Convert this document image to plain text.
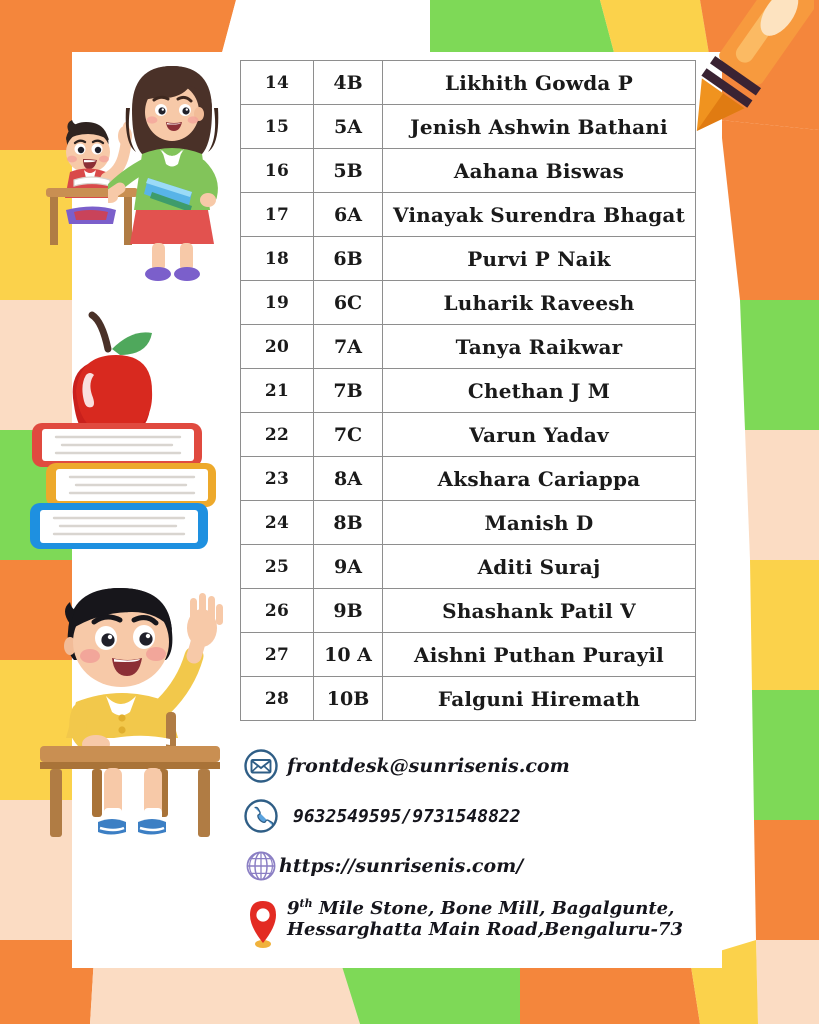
14	4B	Likhith Gowda P
15	5A	Jenish Ashwin Bathani
16	5B	Aahana Biswas
17	6A	Vinayak Surendra Bhagat
18	6B	Purvi P Naik
19	6C	Luharik Raveesh
20	7A	Tanya Raikwar
21	7B	Chethan J M
22	7C	Varun Yadav
23	8A	Akshara Cariappa
24	8B	Manish D
25	9A	Aditi Suraj
26	9B	Shashank Patil V
27	10 A	Aishni Puthan Purayil
28	10B	Falguni Hiremath
frontdesk@sunrisenis.com
9632549595/9731548822
https://sunrisenis.com/
9th Mile Stone, Bone Mill, Bagalgunte,
Hessarghatta Main Road,Bengaluru-73
